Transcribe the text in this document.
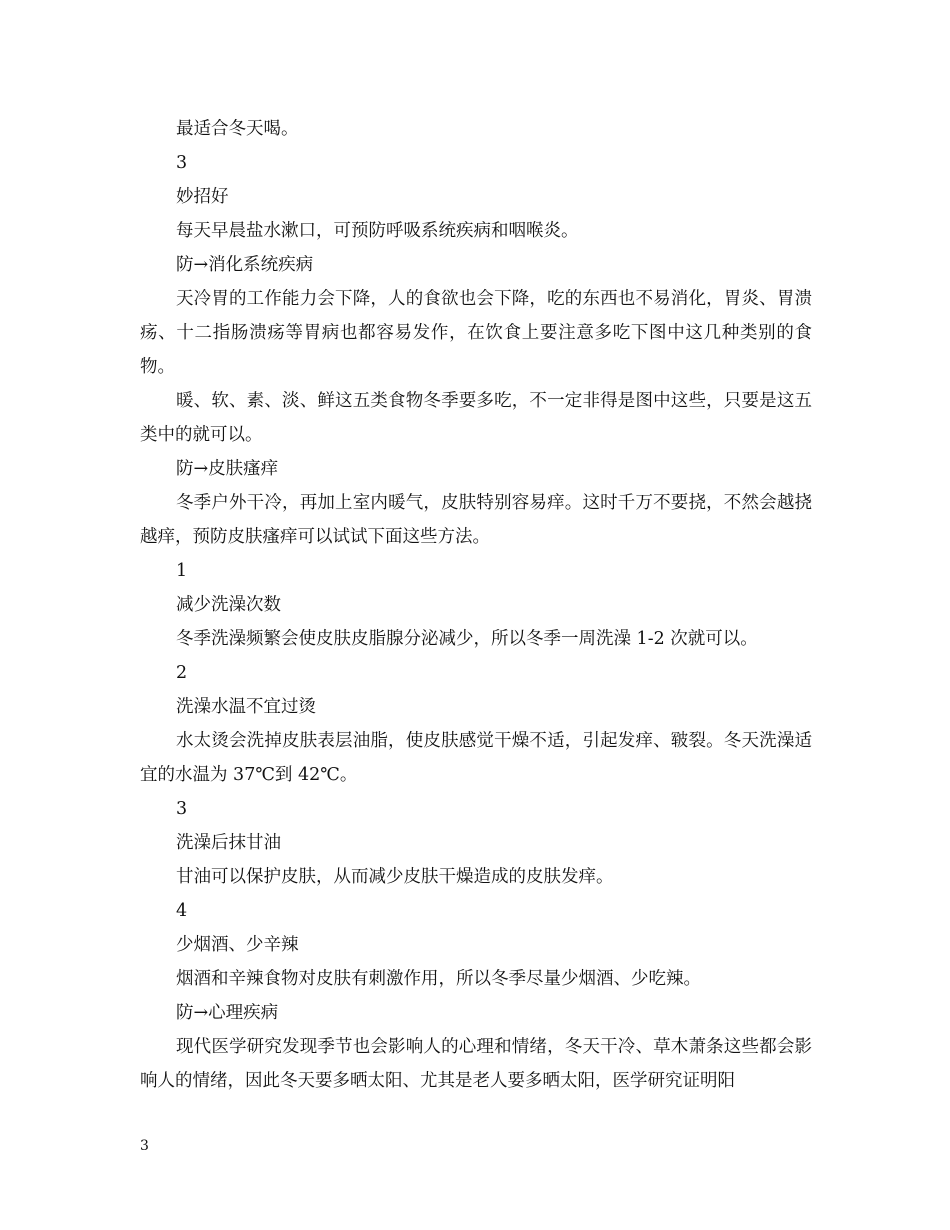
最适合冬天喝。

3

妙招好

每天早晨盐水漱口，可预防呼吸系统疾病和咽喉炎。

防→消化系统疾病

天冷胃的工作能力会下降，人的食欲也会下降，吃的东西也不易消化，胃炎、胃溃疡、十二指肠溃疡等胃病也都容易发作，在饮食上要注意多吃下图中这几种类别的食物。

暖、软、素、淡、鲜这五类食物冬季要多吃，不一定非得是图中这些，只要是这五类中的就可以。

防→皮肤瘙痒

冬季户外干冷，再加上室内暖气，皮肤特别容易痒。这时千万不要挠，不然会越挠越痒，预防皮肤瘙痒可以试试下面这些方法。

1

减少洗澡次数

冬季洗澡频繁会使皮肤皮脂腺分泌减少，所以冬季一周洗澡 1-2 次就可以。

2

洗澡水温不宜过烫

水太烫会洗掉皮肤表层油脂，使皮肤感觉干燥不适，引起发痒、皲裂。冬天洗澡适宜的水温为 37℃到 42℃。

3

洗澡后抹甘油

甘油可以保护皮肤，从而减少皮肤干燥造成的皮肤发痒。

4

少烟酒、少辛辣

烟酒和辛辣食物对皮肤有刺激作用，所以冬季尽量少烟酒、少吃辣。

防→心理疾病

现代医学研究发现季节也会影响人的心理和情绪，冬天干冷、草木萧条这些都会影响人的情绪，因此冬天要多晒太阳、尤其是老人要多晒太阳，医学研究证明阳

3
